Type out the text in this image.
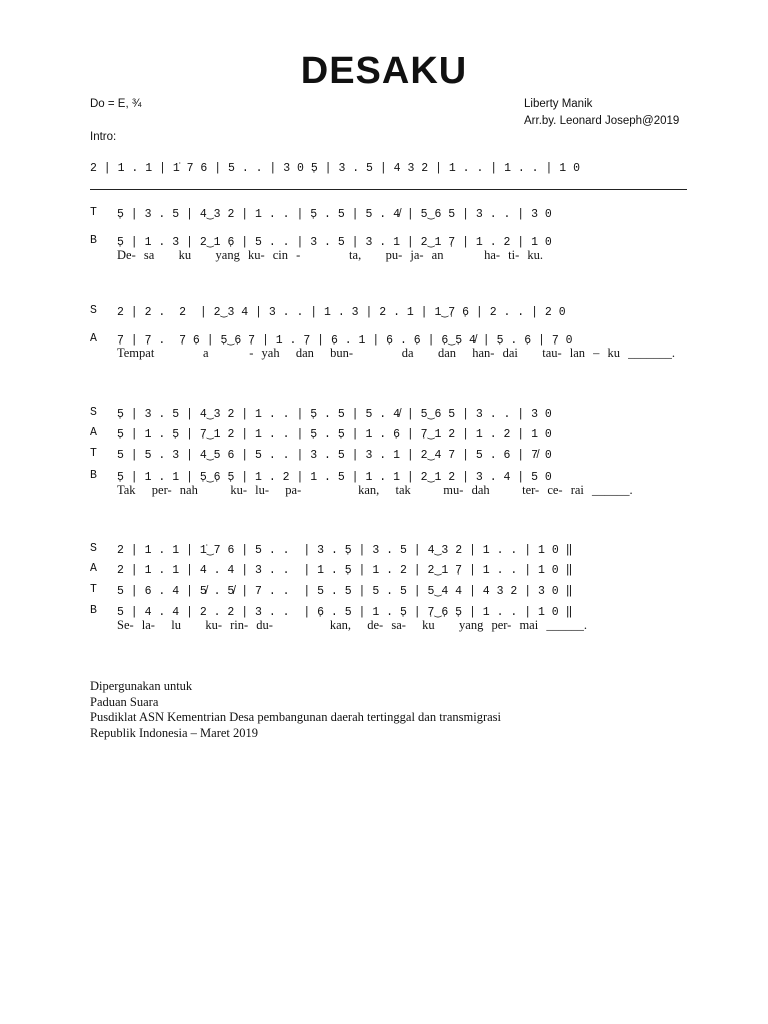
DESAKU
Do = E, ¾	Liberty Manik
Arr.by. Leonard Joseph@2019
Intro:
2 | 1 . 1 | 1̇ 7 6 | 5 . . | 3 0 5̣ | 3 . 5 | 4 3 2 | 1 . . | 1 . . | 1 0
T 5̣ | 3 . 5 | 4‿3 2 | 1 . . | 5̣ . 5 | 5 . 4̸ | 5‿6 5 | 3 . . | 3 0
B 5̣ | 1 . 3 | 2‿1 6̣ | 5 . . | 3 . 5 | 3 . 1 | 2‿1 7̣ | 1 . 2 | 1 0
De- sa   ku   yang ku- cin -      ta,   pu- ja- an     ha- ti- ku.
S 2 | 2 .  2  | 2‿3 4 | 3 . . | 1 . 3 | 2 . 1 | 1‿7̣ 6̣ | 2 . . | 2 0
A 7̣ | 7̣ .  7̣ 6̣ | 5̣‿6̣ 7̣ | 1 . 7̣ | 6̣ . 1 | 6̣ . 6̣ | 6̣‿5̣ 4̸ | 5̣ . 6̣ | 7̣ 0
Tempat      a     - yah  dan  bun-      da   dan  han- dai   tau- lan – ku _______.
S 5̣ | 3 . 5 | 4‿3 2 | 1 . . | 5̣ . 5 | 5 . 4̸ | 5‿6 5 | 3 . . | 3 0
A 5̣ | 1 . 5̣ | 7̣‿1 2 | 1 . . | 5̣ . 5̣ | 1 . 6̣ | 7̣‿1 2 | 1 . 2 | 1 0
T 5 | 5 . 3 | 4‿5 6 | 5 . . | 3 . 5 | 3 . 1 | 2‿4 7 | 5 . 6 | 7̸ 0
B 5̣ | 1 . 1 | 5̣‿6̣ 5̣ | 1 . 2 | 1 . 5 | 1 . 1 | 2‿1 2 | 3 . 4 | 5 0
Tak  per- nah    ku- lu-  pa-       kan,  tak    mu- dah    ter- ce- rai ______.
S 2 | 1 . 1 | 1̇‿7 6 | 5 . .  | 3 . 5̣ | 3 . 5 | 4‿3 2 | 1 . . | 1 0 ‖
A 2 | 1 . 1 | 4 . 4 | 3 . .  | 1 . 5̣ | 1 . 2 | 2‿1 7̣ | 1 . . | 1 0 ‖
T 5 | 6 . 4 | 5̸ . 5̸ | 7 . .  | 5 . 5 | 5 . 5 | 5‿4 4 | 4 3 2 | 3 0 ‖
B 5 | 4 . 4 | 2 . 2 | 3 . .  | 6̣ . 5 | 1 . 5̣ | 7̣‿6̣ 5̣ | 1 . . | 1 0 ‖
Se- la-  lu   ku- rin- du-       kan,  de- sa-  ku   yang per- mai ______.
Dipergunakan untuk
Paduan Suara
Pusdiklat ASN Kementrian Desa pembangunan daerah tertinggal dan transmigrasi
Republik Indonesia – Maret 2019
